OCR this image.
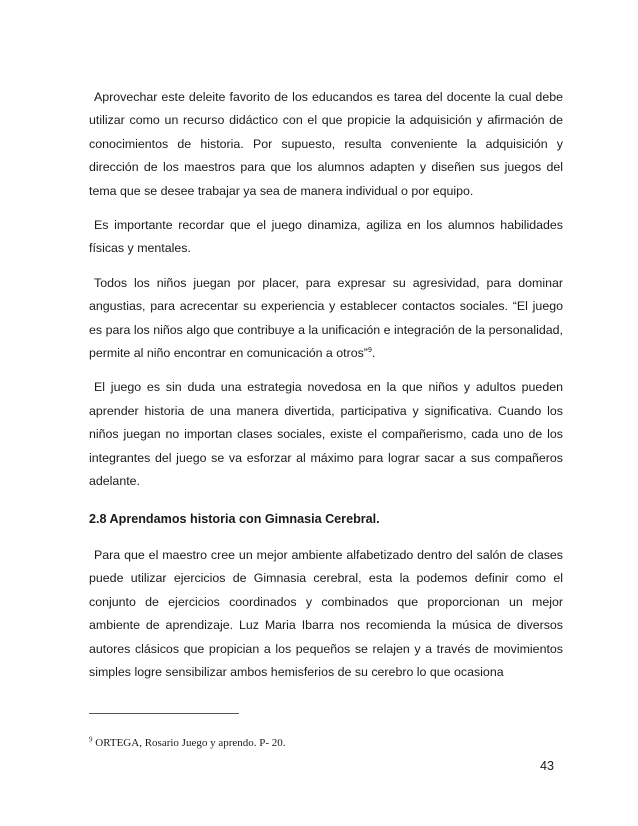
Aprovechar este deleite favorito de los educandos es tarea del docente la cual debe utilizar como un recurso didáctico con el que propicie la adquisición y afirmación de conocimientos de historia. Por supuesto, resulta conveniente la adquisición y dirección de los maestros para que los alumnos adapten y diseñen sus juegos del tema que se desee trabajar ya sea de manera individual o por equipo.

Es importante recordar que el juego dinamiza, agiliza en los alumnos habilidades físicas y mentales.

Todos los niños juegan por placer, para expresar su agresividad, para dominar angustias, para acrecentar su experiencia y establecer contactos sociales. “El juego es para los niños algo que contribuye a la unificación e integración de la personalidad, permite al niño encontrar en comunicación a otros”$^9$.

El juego es sin duda una estrategia novedosa en la que niños y adultos pueden aprender historia de una manera divertida, participativa y significativa. Cuando los niños juegan no importan clases sociales, existe el compañerismo, cada uno de los integrantes del juego se va esforzar al máximo para lograr sacar a sus compañeros adelante.

2.8 Aprendamos historia con Gimnasia Cerebral.

Para que el maestro cree un mejor ambiente alfabetizado dentro del salón de clases puede utilizar ejercicios de Gimnasia cerebral, esta la podemos definir como el conjunto de ejercicios coordinados y combinados que proporcionan un mejor ambiente de aprendizaje. Luz Maria Ibarra nos recomienda la música de diversos autores clásicos que propician a los pequeños se relajen y a través de movimientos simples logre sensibilizar ambos hemisferios de su cerebro lo que ocasiona

$^9$ ORTEGA, Rosario Juego y aprendo. P- 20.
43
